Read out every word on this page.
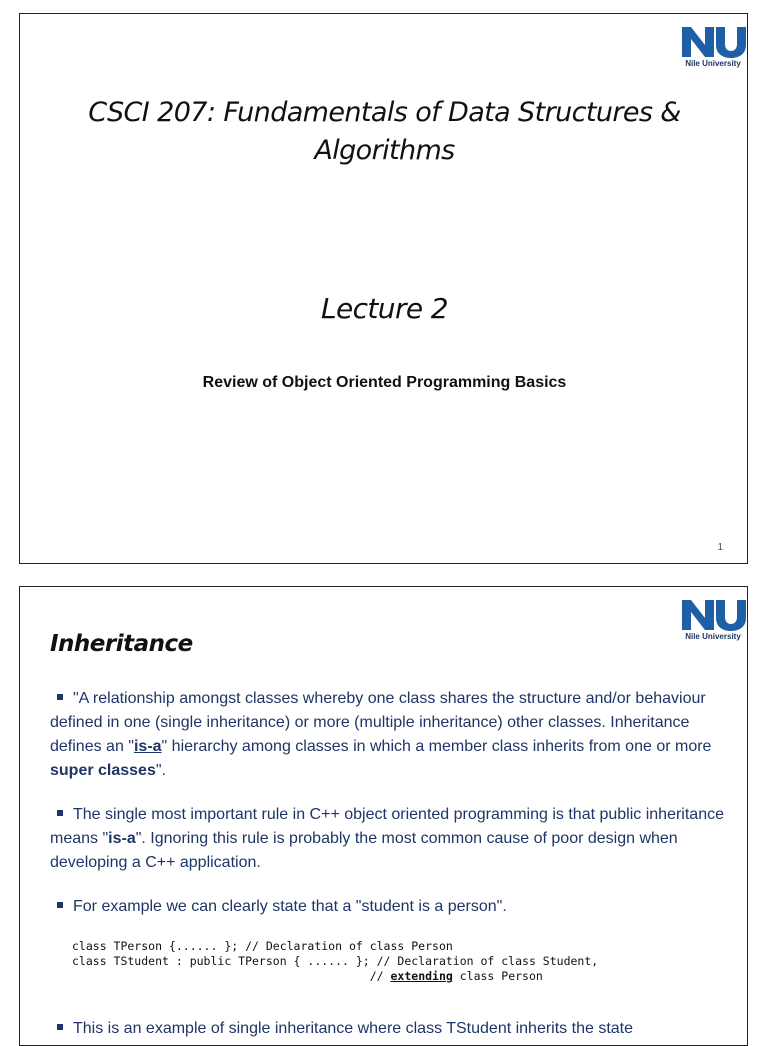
Nile University
CSCI 207: Fundamentals of Data Structures &
Algorithms
Lecture 2
Review of Object Oriented Programming Basics
1
Nile University
Inheritance
"A relationship amongst classes whereby one class shares the structure and/or behaviour defined in one (single inheritance) or more (multiple inheritance) other classes. Inheritance defines an "is-a" hierarchy among classes in which a member class inherits from one or more super classes".
The single most important rule in C++ object oriented programming is that public inheritance means "is-a". Ignoring this rule is probably the most common cause of poor design when developing a C++ application.
For example we can clearly state that a "student is a person".
class TPerson {...... }; // Declaration of class Person
class TStudent : public TPerson { ...... }; // Declaration of class Student,
// extending class Person
This is an example of single inheritance where class TStudent inherits the state
